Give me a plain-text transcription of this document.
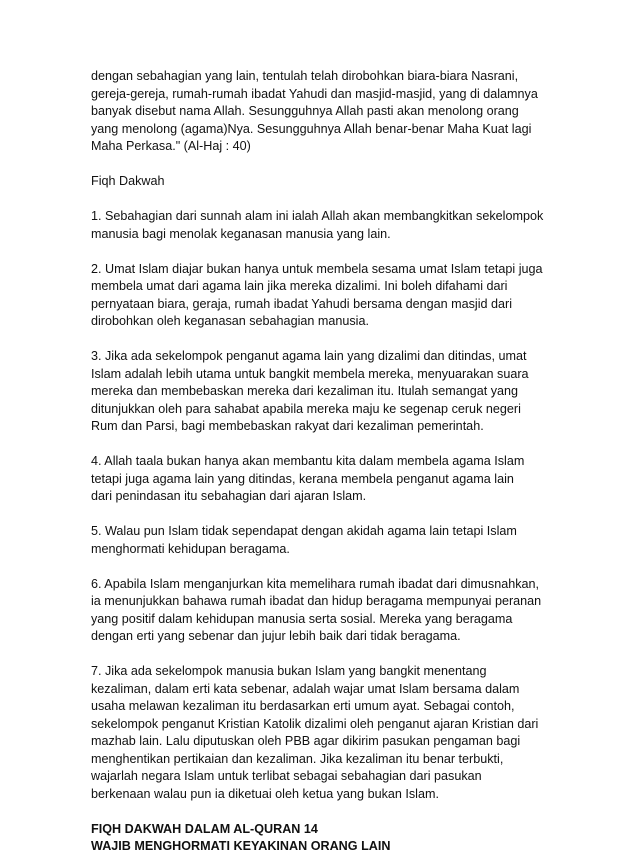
dengan sebahagian yang lain, tentulah telah dirobohkan biara-biara Nasrani,
gereja-gereja, rumah-rumah ibadat Yahudi dan masjid-masjid, yang di dalamnya
banyak disebut nama Allah. Sesungguhnya Allah pasti akan menolong orang
yang menolong (agama)Nya. Sesungguhnya Allah benar-benar Maha Kuat lagi
Maha Perkasa." (Al-Haj : 40)

Fiqh Dakwah

1. Sebahagian dari sunnah alam ini ialah Allah akan membangkitkan sekelompok
manusia bagi menolak keganasan manusia yang lain.

2. Umat Islam diajar bukan hanya untuk membela sesama umat Islam tetapi juga
membela umat dari agama lain jika mereka dizalimi. Ini boleh difahami dari
pernyataan biara, geraja, rumah ibadat Yahudi bersama dengan masjid dari
dirobohkan oleh keganasan sebahagian manusia.

3. Jika ada sekelompok penganut agama lain yang dizalimi dan ditindas, umat
Islam adalah lebih utama untuk bangkit membela mereka, menyuarakan suara
mereka dan membebaskan mereka dari kezaliman itu. Itulah semangat yang
ditunjukkan oleh para sahabat apabila mereka maju ke segenap ceruk negeri
Rum dan Parsi, bagi membebaskan rakyat dari kezaliman pemerintah.

4. Allah taala bukan hanya akan membantu kita dalam membela agama Islam
tetapi juga agama lain yang ditindas, kerana membela penganut agama lain
dari penindasan itu sebahagian dari ajaran Islam.

5. Walau pun Islam tidak sependapat dengan akidah agama lain tetapi Islam
menghormati kehidupan beragama.

6. Apabila Islam menganjurkan kita memelihara rumah ibadat dari dimusnahkan,
ia menunjukkan bahawa rumah ibadat dan hidup beragama mempunyai peranan
yang positif dalam kehidupan manusia serta sosial. Mereka yang beragama
dengan erti yang sebenar dan jujur lebih baik dari tidak beragama.

7. Jika ada sekelompok manusia bukan Islam yang bangkit menentang
kezaliman, dalam erti kata sebenar, adalah wajar umat Islam bersama dalam
usaha melawan kezaliman itu berdasarkan erti umum ayat. Sebagai contoh,
sekelompok penganut Kristian Katolik dizalimi oleh penganut ajaran Kristian dari
mazhab lain. Lalu diputuskan oleh PBB agar dikirim pasukan pengaman bagi
menghentikan pertikaian dan kezaliman. Jika kezaliman itu benar terbukti,
wajarlah negara Islam untuk terlibat sebagai sebahagian dari pasukan
berkenaan walau pun ia diketuai oleh ketua yang bukan Islam.

FIQH DAKWAH DALAM AL-QURAN 14

WAJIB MENGHORMATI KEYAKINAN ORANG LAIN
